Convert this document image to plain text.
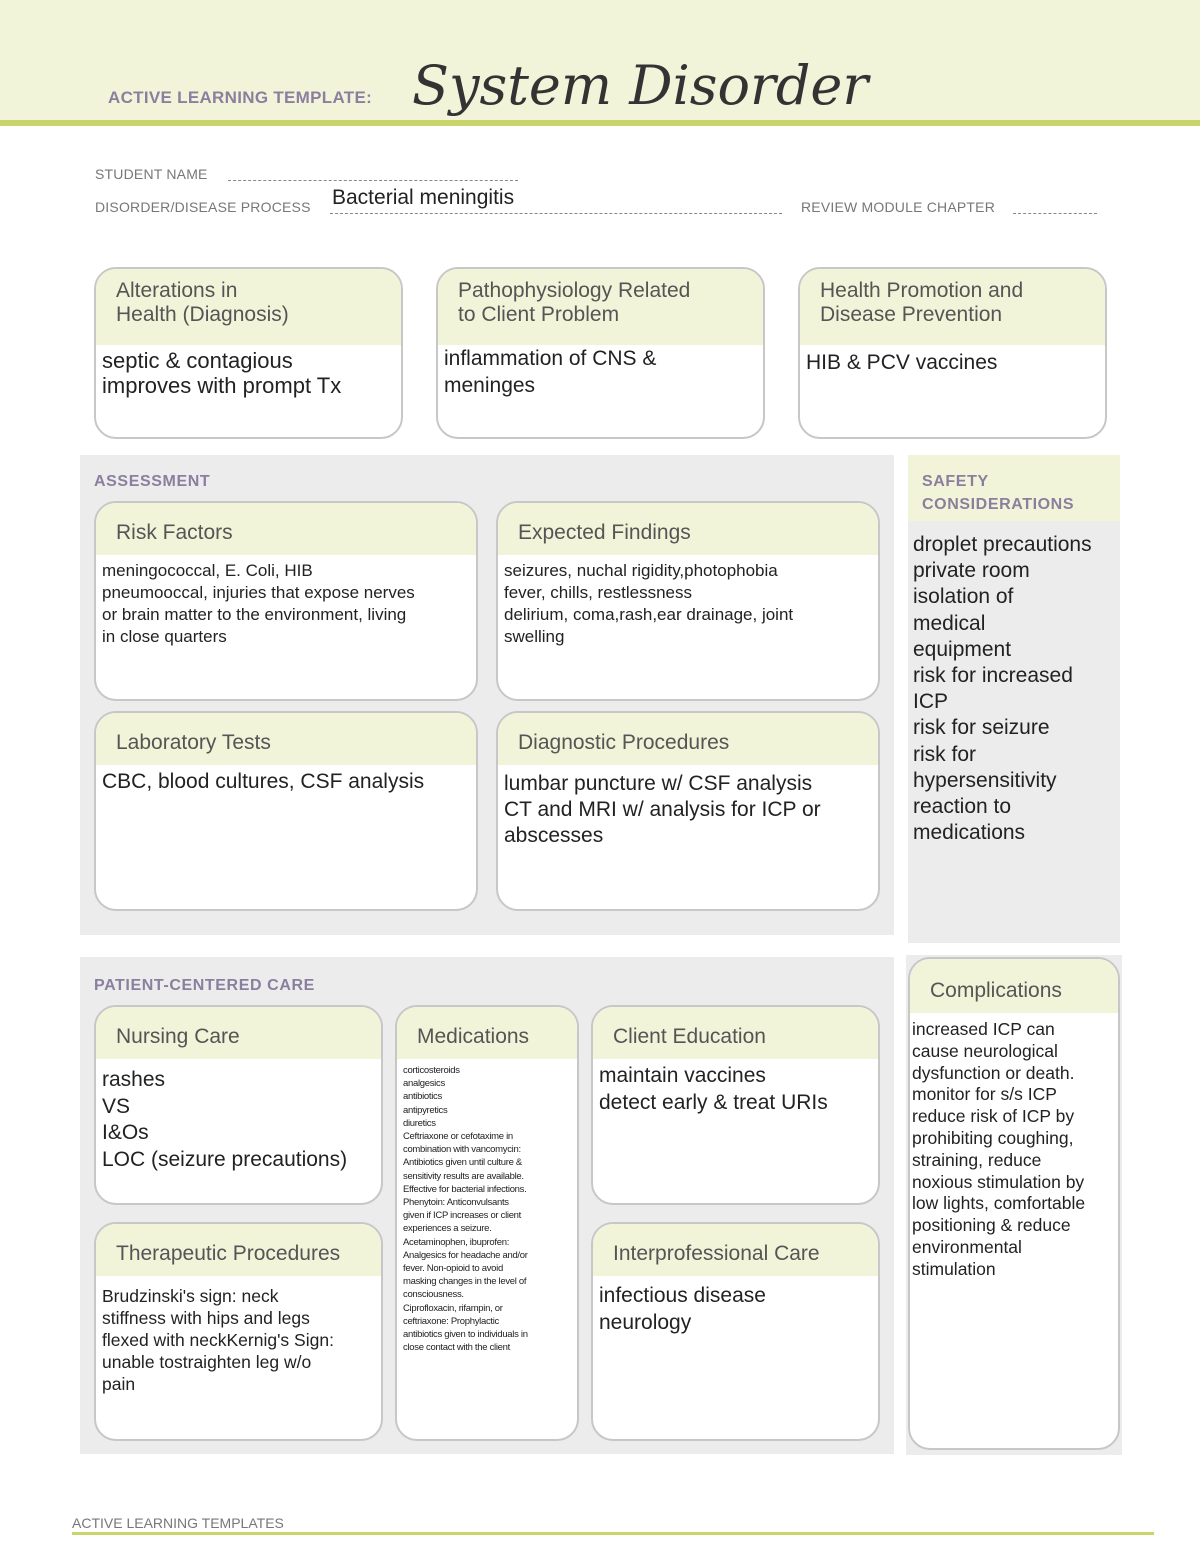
ACTIVE LEARNING TEMPLATE: System Disorder
STUDENT NAME
DISORDER/DISEASE PROCESS Bacterial meningitis	REVIEW MODULE CHAPTER
Alterations in
Health (Diagnosis)
septic & contagious
improves with prompt Tx
Pathophysiology Related
to Client Problem
inflammation of CNS &
meninges
Health Promotion and
Disease Prevention
HIB & PCV vaccines
ASSESSMENT
Risk Factors
meningococcal, E. Coli, HIB
pneumooccal, injuries that expose nerves
or brain matter to the environment, living
in close quarters
Expected Findings
seizures, nuchal rigidity,photophobia
fever, chills, restlessness
delirium, coma,rash,ear drainage, joint
swelling
Laboratory Tests
CBC, blood cultures, CSF analysis
Diagnostic Procedures
lumbar puncture w/ CSF analysis
CT and MRI w/ analysis for ICP or
abscesses
SAFETY
CONSIDERATIONS
droplet precautions
private room
isolation of
medical
equipment
risk for increased
ICP
risk for seizure
risk for
hypersensitivity
reaction to
medications
PATIENT-CENTERED CARE
Nursing Care
rashes
VS
I&Os
LOC (seizure precautions)
Medications
corticosteroids
analgesics
antibiotics
antipyretics
diuretics
Ceftriaxone or cefotaxime in
combination with vancomycin:
Antibiotics given until culture &
sensitivity results are available.
Effective for bacterial infections.
Phenytoin: Anticonvulsants
given if ICP increases or client
experiences a seizure.
Acetaminophen, ibuprofen:
Analgesics for headache and/or
fever. Non-opioid to avoid
masking changes in the level of
consciousness.
Ciprofloxacin, rifampin, or
ceftriaxone: Prophylactic
antibiotics given to individuals in
close contact with the client
Client Education
maintain vaccines
detect early & treat URIs
Therapeutic Procedures
Brudzinski's sign: neck
stiffness with hips and legs
flexed with neckKernig's Sign:
unable tostraighten leg w/o
pain
Interprofessional Care
infectious disease
neurology
Complications
increased ICP can
cause neurological
dysfunction or death.
monitor for s/s ICP
reduce risk of ICP by
prohibiting coughing,
straining, reduce
noxious stimulation by
low lights, comfortable
positioning & reduce
environmental
stimulation
ACTIVE LEARNING TEMPLATES
